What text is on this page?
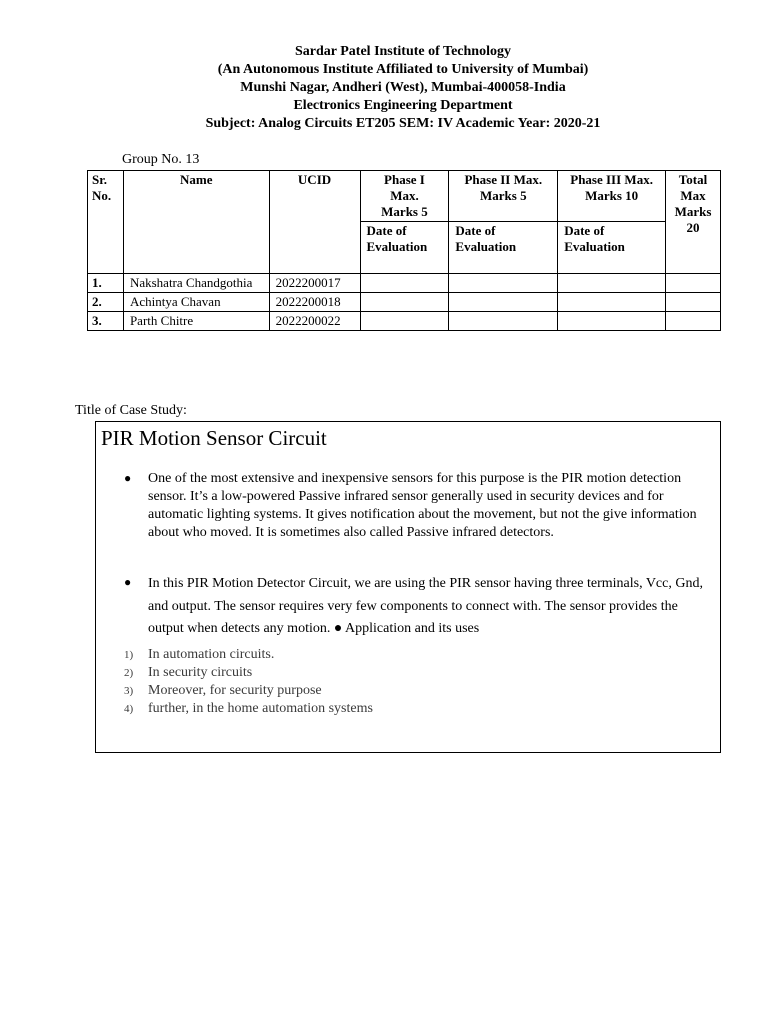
Sardar Patel Institute of Technology
(An Autonomous Institute Affiliated to University of Mumbai)
Munshi Nagar, Andheri (West), Mumbai-400058-India
Electronics Engineering Department
Subject: Analog Circuits ET205 SEM: IV Academic Year: 2020-21
Group No. 13
Sr. No.	Name	UCID	Phase I Max. Marks 5	Phase II Max. Marks 5	Phase III Max. Marks 10	Total Max Marks 20
			Date of Evaluation	Date of Evaluation	Date of Evaluation	
1.	Nakshatra Chandgothia	2022200017				
2.	Achintya Chavan	2022200018				
3.	Parth Chitre	2022200022				
Title of Case Study:
PIR Motion Sensor Circuit
● One of the most extensive and inexpensive sensors for this purpose is the PIR motion detection sensor. It’s a low-powered Passive infrared sensor generally used in security devices and for automatic lighting systems. It gives notification about the movement, but not the give information about who moved. It is sometimes also called Passive infrared detectors.
● In this PIR Motion Detector Circuit, we are using the PIR sensor having three terminals, Vcc, Gnd, and output. The sensor requires very few components to connect with. The sensor provides the output when detects any motion. ● Application and its uses
1) In automation circuits.
2) In security circuits
3) Moreover, for security purpose
4) further, in the home automation systems
